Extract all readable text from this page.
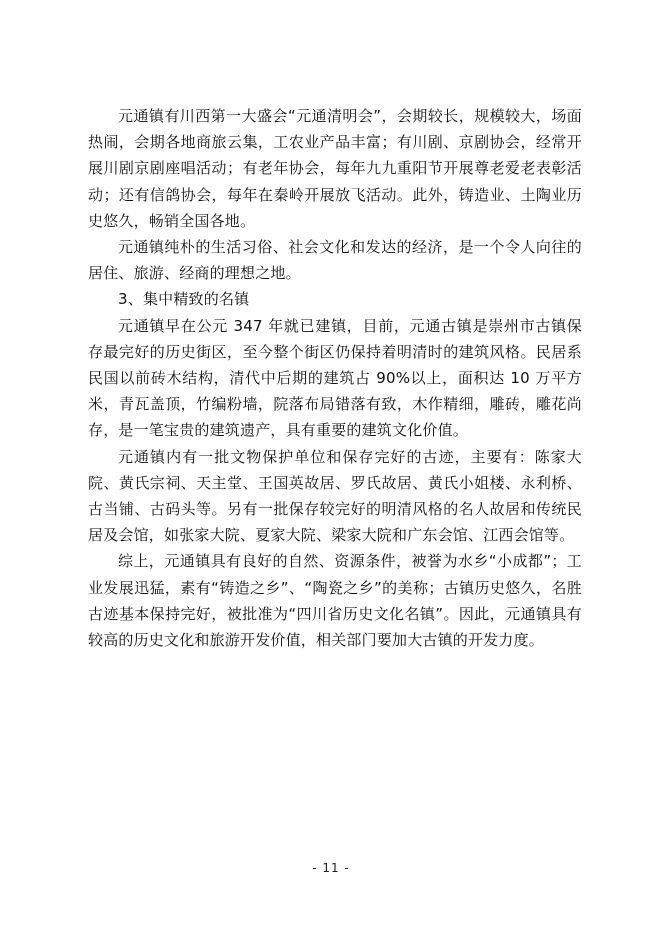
元通镇有川西第一大盛会“元通清明会”，会期较长，规模较大，场面热闹，会期各地商旅云集，工农业产品丰富；有川剧、京剧协会，经常开展川剧京剧座唱活动；有老年协会，每年九九重阳节开展尊老爱老表彰活动；还有信鸽协会，每年在秦岭开展放飞活动。此外，铸造业、土陶业历史悠久，畅销全国各地。

元通镇纯朴的生活习俗、社会文化和发达的经济，是一个令人向往的居住、旅游、经商的理想之地。

3、集中精致的名镇

元通镇早在公元 347 年就已建镇，目前，元通古镇是崇州市古镇保存最完好的历史街区，至今整个街区仍保持着明清时的建筑风格。民居系民国以前砖木结构，清代中后期的建筑占 90%以上，面积达 10 万平方米，青瓦盖顶，竹编粉墙，院落布局错落有致，木作精细，雕砖，雕花尚存，是一笔宝贵的建筑遗产，具有重要的建筑文化价值。

元通镇内有一批文物保护单位和保存完好的古迹，主要有：陈家大院、黄氏宗祠、天主堂、王国英故居、罗氏故居、黄氏小姐楼、永利桥、古当铺、古码头等。另有一批保存较完好的明清风格的名人故居和传统民居及会馆，如张家大院、夏家大院、梁家大院和广东会馆、江西会馆等。

综上，元通镇具有良好的自然、资源条件，被誉为水乡“小成都”；工业发展迅猛，素有“铸造之乡”、“陶瓷之乡”的美称；古镇历史悠久，名胜古迹基本保持完好，被批准为“四川省历史文化名镇”。因此，元通镇具有较高的历史文化和旅游开发价值，相关部门要加大古镇的开发力度。

- 11 -
